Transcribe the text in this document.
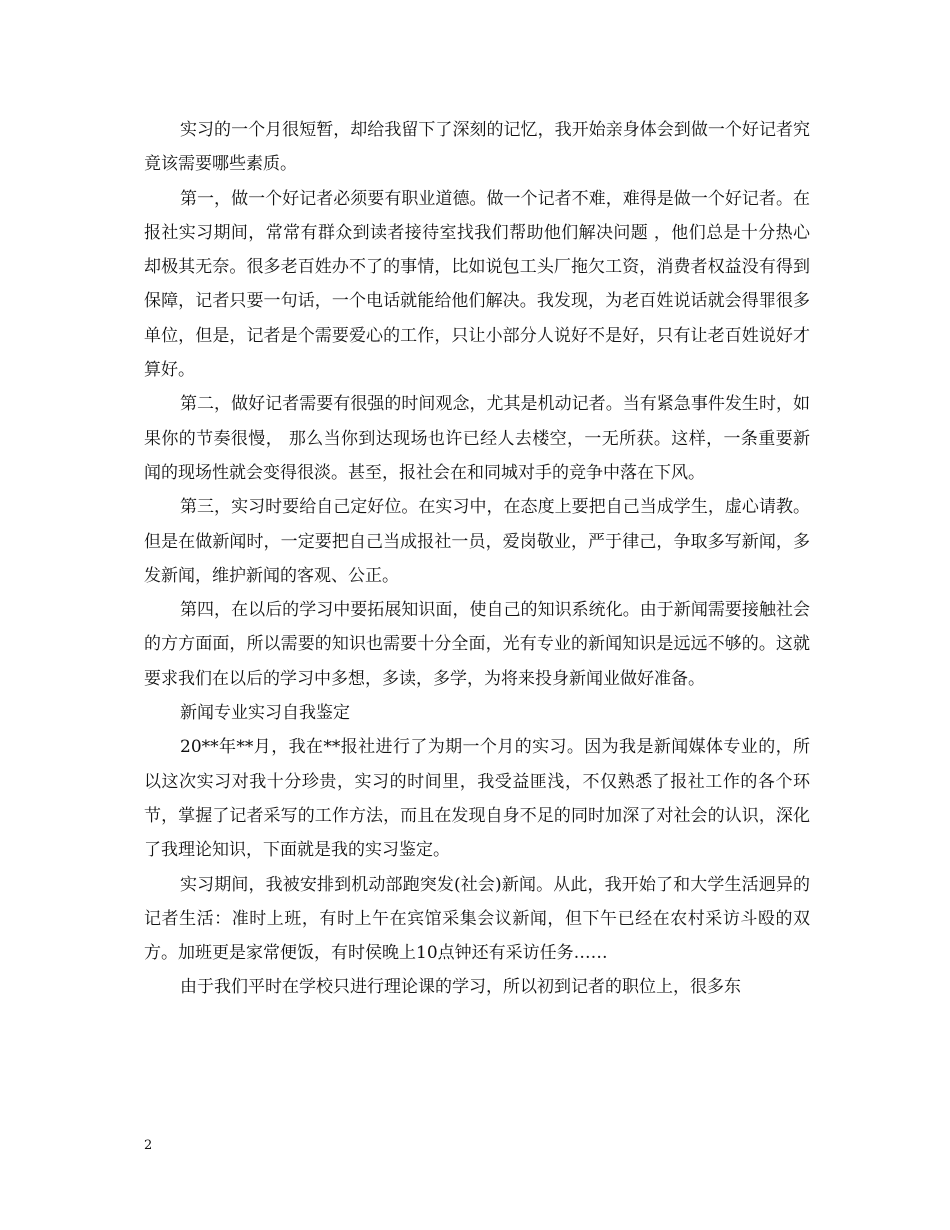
实习的一个月很短暂，却给我留下了深刻的记忆，我开始亲身体会到做一个好记者究竟该需要哪些素质。

第一，做一个好记者必须要有职业道德。做一个记者不难，难得是做一个好记者。在报社实习期间，常常有群众到读者接待室找我们帮助他们解决问题 ，他们总是十分热心却极其无奈。很多老百姓办不了的事情，比如说包工头厂拖欠工资，消费者权益没有得到保障，记者只要一句话，一个电话就能给他们解决。我发现，为老百姓说话就会得罪很多单位，但是，记者是个需要爱心的工作，只让小部分人说好不是好，只有让老百姓说好才算好。

第二，做好记者需要有很强的时间观念，尤其是机动记者。当有紧急事件发生时，如果你的节奏很慢， 那么当你到达现场也许已经人去楼空，一无所获。这样，一条重要新闻的现场性就会变得很淡。甚至，报社会在和同城对手的竞争中落在下风。

第三，实习时要给自己定好位。在实习中，在态度上要把自己当成学生，虚心请教。但是在做新闻时，一定要把自己当成报社一员，爱岗敬业，严于律己，争取多写新闻，多发新闻，维护新闻的客观、公正。

第四，在以后的学习中要拓展知识面，使自己的知识系统化。由于新闻需要接触社会的方方面面，所以需要的知识也需要十分全面，光有专业的新闻知识是远远不够的。这就要求我们在以后的学习中多想，多读，多学，为将来投身新闻业做好准备。

新闻专业实习自我鉴定

20**年**月，我在**报社进行了为期一个月的实习。因为我是新闻媒体专业的，所以这次实习对我十分珍贵，实习的时间里，我受益匪浅，不仅熟悉了报社工作的各个环节，掌握了记者采写的工作方法，而且在发现自身不足的同时加深了对社会的认识，深化了我理论知识，下面就是我的实习鉴定。

实习期间，我被安排到机动部跑突发(社会)新闻。从此，我开始了和大学生活迥异的记者生活：准时上班，有时上午在宾馆采集会议新闻，但下午已经在农村采访斗殴的双方。加班更是家常便饭，有时侯晚上10点钟还有采访任务……

由于我们平时在学校只进行理论课的学习，所以初到记者的职位上，很多东

2
